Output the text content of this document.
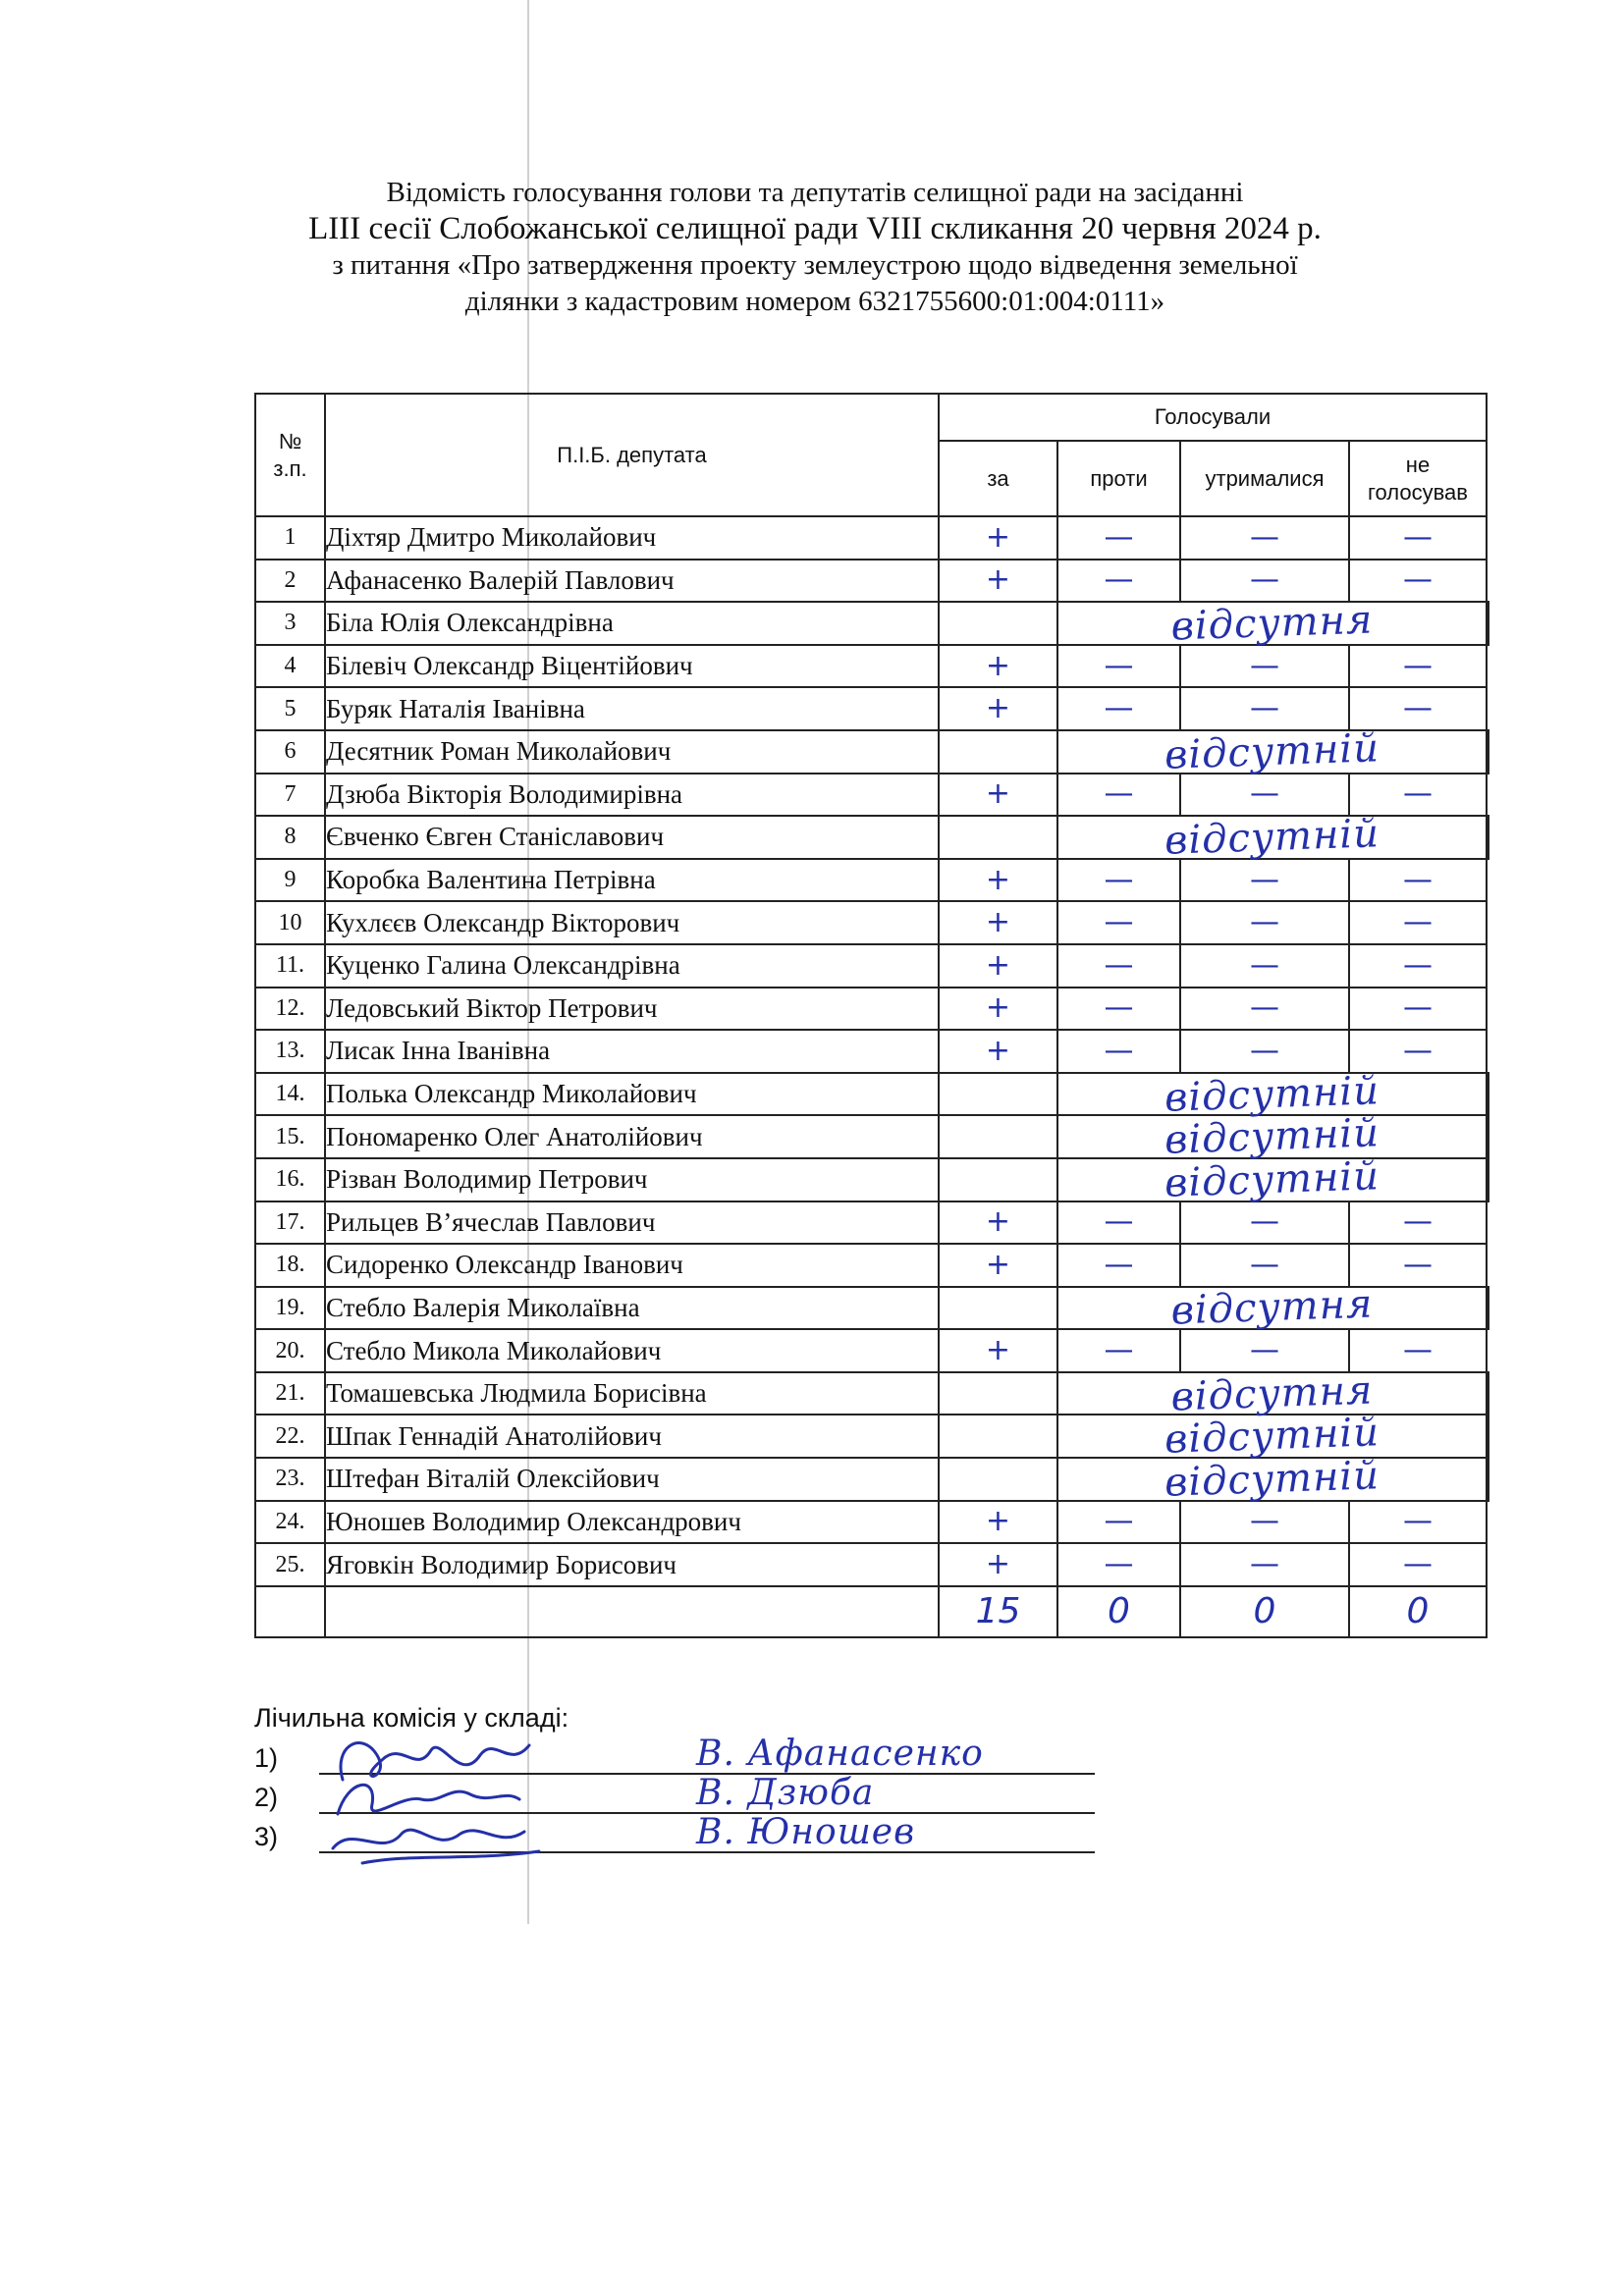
Відомість голосування голови та депутатів селищної ради на засіданні
LIII сесії Слобожанської селищної ради VIII скликання 20 червня 2024 р.
з питання «Про затвердження проекту землеустрою щодо відведення земельної
ділянки з кадастровим номером 6321755600:01:004:0111»
№
з.п.	П.І.Б. депутата	Голосували				
		за	проти	утрималися	не
голосував	
1	Діхтяр Дмитро Миколайович	+	—	—	—	
2	Афанасенко Валерій Павлович	+	—	—	—	
3	Біла Юлія Олександрівна		відсутня			

4	Білевіч Олександр Віцентійович	+	—	—	—	
5	Буряк Наталія Іванівна	+	—	—	—	
6	Десятник Роман Миколайович		відсутній			

7	Дзюба Вікторія Володимирівна	+	—	—	—	
8	Євченко Євген Станіславович		відсутній			

9	Коробка Валентина Петрівна	+	—	—	—	
10	Кухлєєв Олександр Вікторович	+	—	—	—	
11.	Куценко Галина Олександрівна	+	—	—	—	
12.	Ледовський Віктор Петрович	+	—	—	—	
13.	Лисак Інна Іванівна	+	—	—	—	
14.	Полька Олександр Миколайович		відсутній			

15.	Пономаренко Олег Анатолійович		відсутній			

16.	Різван Володимир Петрович		відсутній			

17.	Рильцев В’ячеслав Павлович	+	—	—	—	
18.	Сидоренко Олександр Іванович	+	—	—	—	
19.	Стебло Валерія Миколаївна		відсутня			

20.	Стебло Микола Миколайович	+	—	—	—	
21.	Томашевська Людмила Борисівна		відсутня			

22.	Шпак Геннадій Анатолійович		відсутній			

23.	Штефан Віталій Олексійович		відсутній			

24.	Юношев Володимир Олександрович	+	—	—	—	
25.	Яговкін Володимир Борисович	+	—	—	—	
		15	0	0	0	
Лічильна комісія у складі:
1)	В. Афанасенко
2)	В. Дзюба
3)	В. Юношев
